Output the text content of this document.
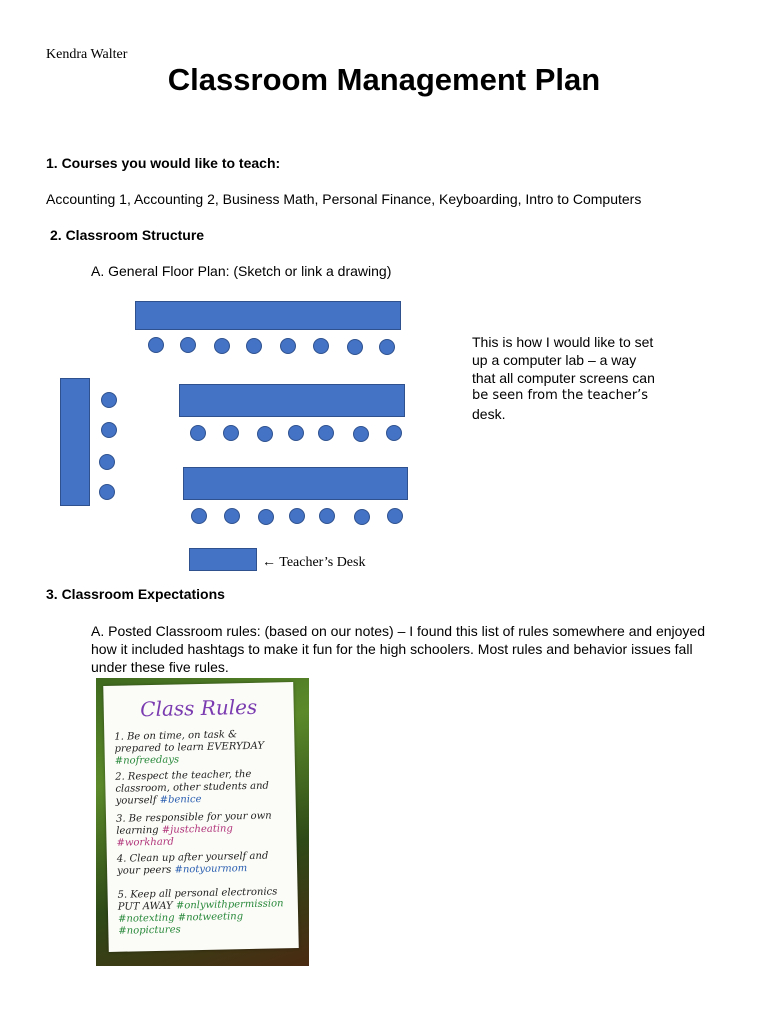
Kendra Walter

Classroom Management Plan

1. Courses you would like to teach:

Accounting 1, Accounting 2, Business Math, Personal Finance, Keyboarding, Intro to Computers

2. Classroom Structure

A. General Floor Plan: (Sketch or link a drawing)

← Teacher’s Desk

This is how I would like to set
up a computer lab – a way
that all computer screens can
be seen from the teacher’s
desk.

3. Classroom Expectations

A. Posted Classroom rules: (based on our notes) – I found this list of rules somewhere and enjoyed how it included hashtags to make it fun for the high schoolers. Most rules and behavior issues fall under these five rules.

Class Rules
1. Be on time, on task & prepared to learn EVERYDAY #nofreedays
2. Respect the teacher, the classroom, other students and yourself #benice
3. Be responsible for your own learning #justcheating #workhard
4. Clean up after yourself and your peers #notyourmom
5. Keep all personal electronics PUT AWAY #onlywithpermission #notexting #notweeting #nopictures
